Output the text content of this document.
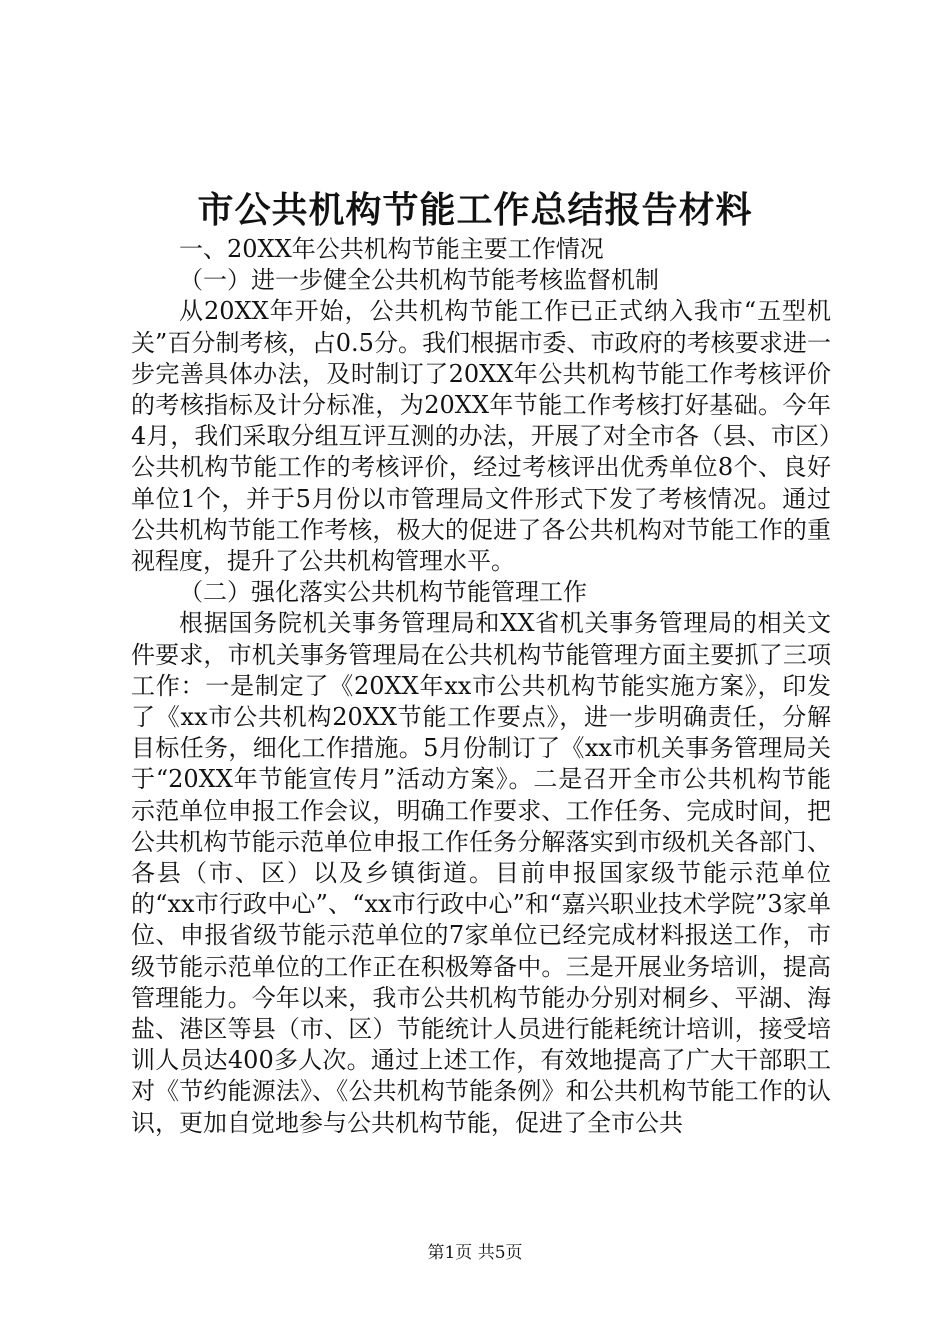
市公共机构节能工作总结报告材料

一、20XX年公共机构节能主要工作情况

（一）进一步健全公共机构节能考核监督机制

从20XX年开始，公共机构节能工作已正式纳入我市“五型机关”百分制考核，占0.5分。我们根据市委、市政府的考核要求进一步完善具体办法，及时制订了20XX年公共机构节能工作考核评价的考核指标及计分标准，为20XX年节能工作考核打好基础。今年4月，我们采取分组互评互测的办法，开展了对全市各（县、市区）公共机构节能工作的考核评价，经过考核评出优秀单位8个、良好单位1个，并于5月份以市管理局文件形式下发了考核情况。通过公共机构节能工作考核，极大的促进了各公共机构对节能工作的重视程度，提升了公共机构管理水平。

（二）强化落实公共机构节能管理工作

根据国务院机关事务管理局和XX省机关事务管理局的相关文件要求，市机关事务管理局在公共机构节能管理方面主要抓了三项工作：一是制定了《20XX年xx市公共机构节能实施方案》，印发了《xx市公共机构20XX节能工作要点》，进一步明确责任，分解目标任务，细化工作措施。5月份制订了《xx市机关事务管理局关于“20XX年节能宣传月”活动方案》。二是召开全市公共机构节能示范单位申报工作会议，明确工作要求、工作任务、完成时间，把公共机构节能示范单位申报工作任务分解落实到市级机关各部门、各县（市、区）以及乡镇街道。目前申报国家级节能示范单位的“xx市行政中心”、“xx市行政中心”和“嘉兴职业技术学院”3家单位、申报省级节能示范单位的7家单位已经完成材料报送工作，市级节能示范单位的工作正在积极筹备中。三是开展业务培训，提高管理能力。今年以来，我市公共机构节能办分别对桐乡、平湖、海盐、港区等县（市、区）节能统计人员进行能耗统计培训，接受培训人员达400多人次。通过上述工作，有效地提高了广大干部职工对《节约能源法》、《公共机构节能条例》和公共机构节能工作的认识，更加自觉地参与公共机构节能，促进了全市公共

第1页 共5页
